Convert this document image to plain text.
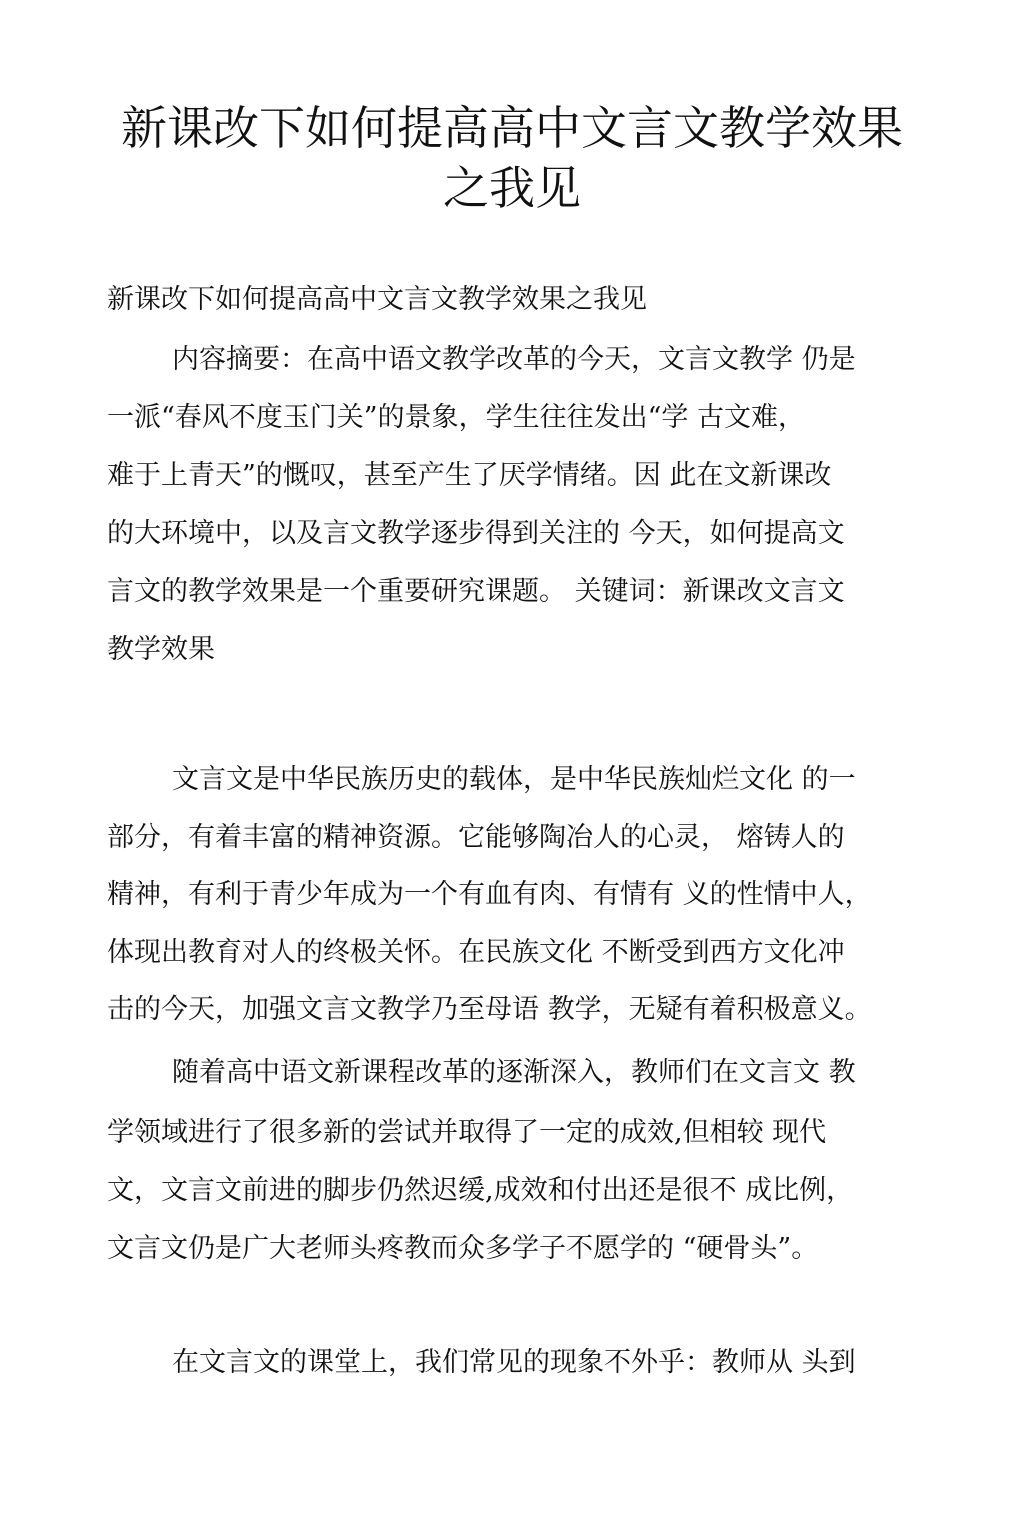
新课改下如何提高高中文言文教学效果
之我见

新课改下如何提高高中文言文教学效果之我见

内容摘要：在高中语文教学改革的今天，文言文教学 仍是

一派“春风不度玉门关”的景象，学生往往发出“学 古文难，

难于上青天”的慨叹，甚至产生了厌学情绪。因 此在文新课改

的大环境中，以及言文教学逐步得到关注的 今天，如何提高文

言文的教学效果是一个重要研究课题。 关键词：新课改文言文

教学效果

文言文是中华民族历史的载体，是中华民族灿烂文化 的一

部分，有着丰富的精神资源。它能够陶冶人的心灵， 熔铸人的

精神，有利于青少年成为一个有血有肉、有情有 义的性情中人，

体现出教育对人的终极关怀。在民族文化 不断受到西方文化冲

击的今天，加强文言文教学乃至母语 教学，无疑有着积极意义。

随着高中语文新课程改革的逐渐深入，教师们在文言文 教

学领域进行了很多新的尝试并取得了一定的成效,但相较 现代

文，文言文前进的脚步仍然迟缓,成效和付出还是很不 成比例，

文言文仍是广大老师头疼教而众多学子不愿学的 “硬骨头”。

在文言文的课堂上，我们常见的现象不外乎：教师从 头到
